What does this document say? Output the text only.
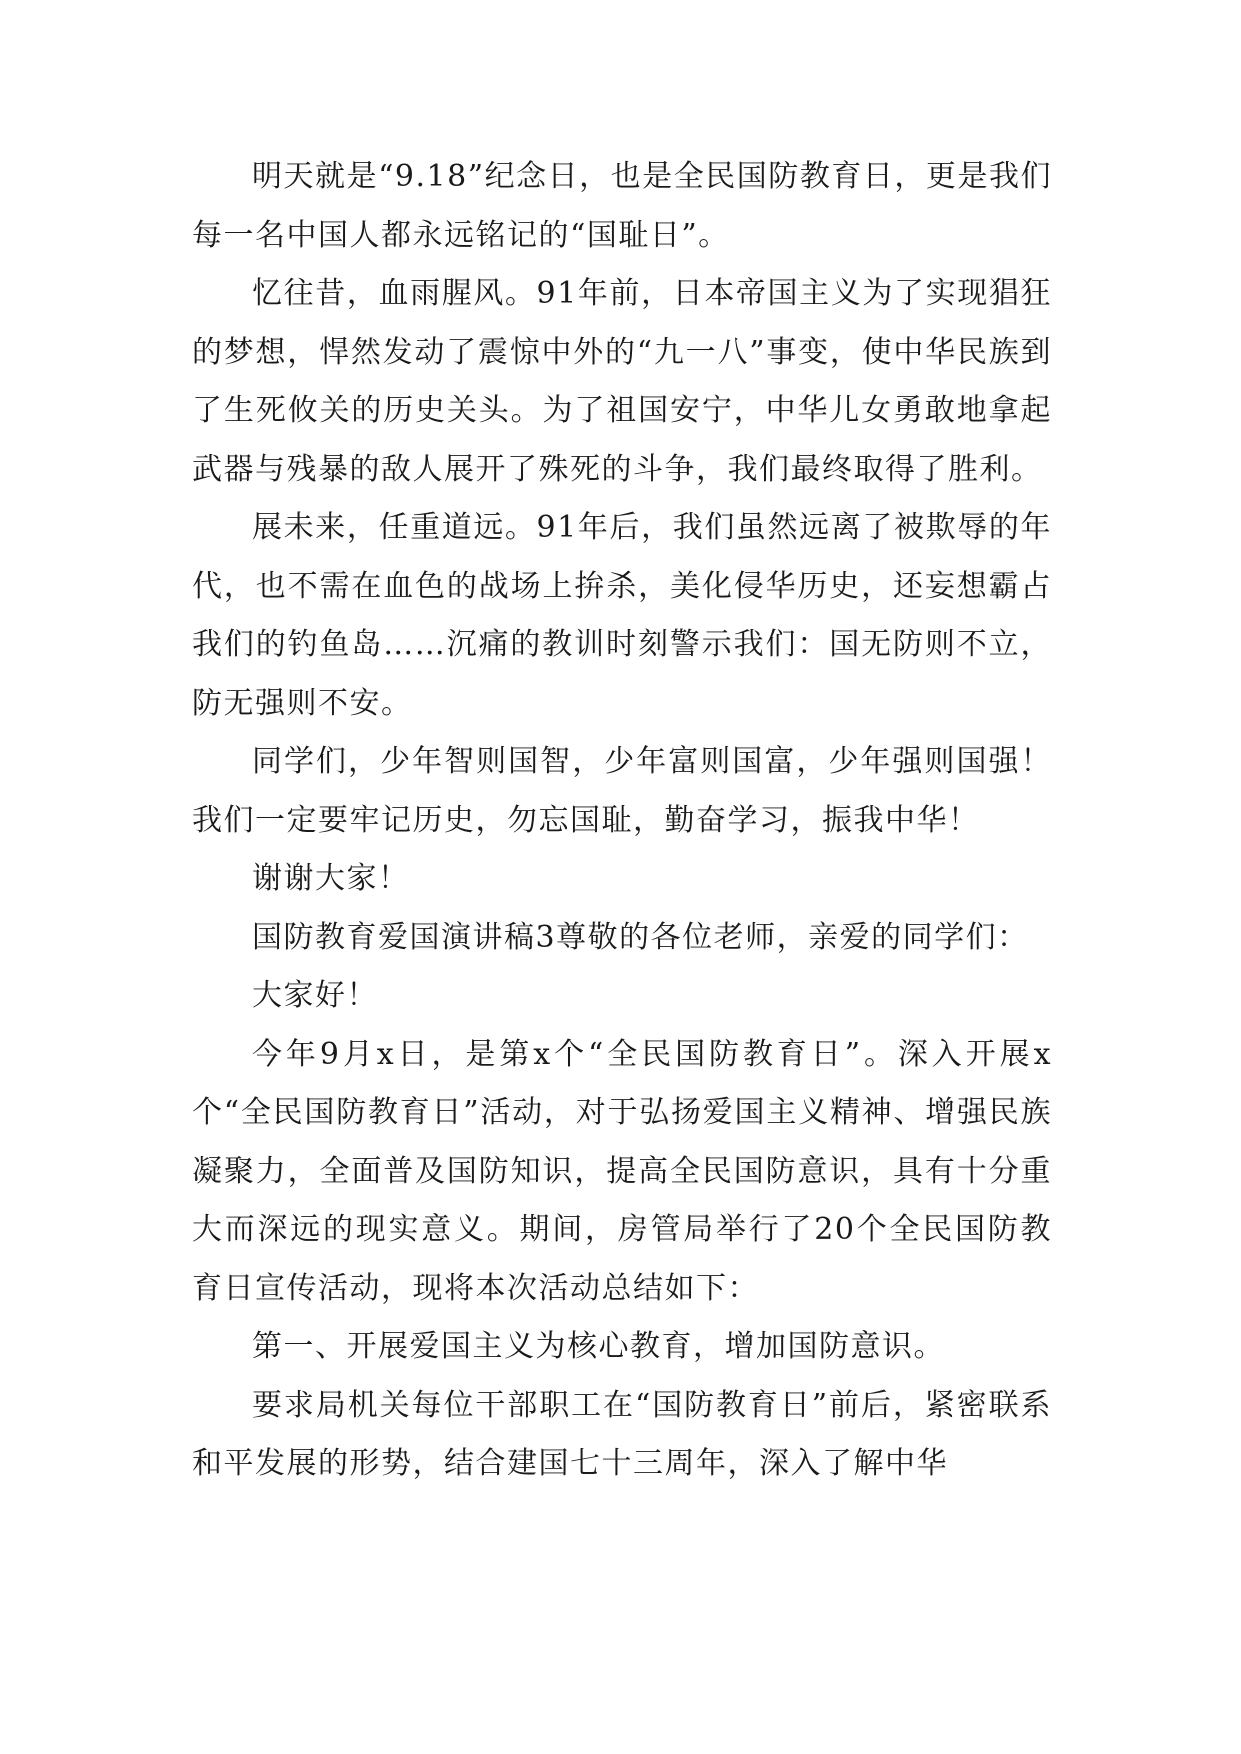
明天就是“9.18”纪念日，也是全民国防教育日，更是我们每一名中国人都永远铭记的“国耻日”。

忆往昔，血雨腥风。91年前，日本帝国主义为了实现猖狂的梦想，悍然发动了震惊中外的“九一八”事变，使中华民族到了生死攸关的历史关头。为了祖国安宁，中华儿女勇敢地拿起武器与残暴的敌人展开了殊死的斗争，我们最终取得了胜利。

展未来，任重道远。91年后，我们虽然远离了被欺辱的年代，也不需在血色的战场上拚杀，美化侵华历史，还妄想霸占我们的钓鱼岛……沉痛的教训时刻警示我们：国无防则不立，防无强则不安。

同学们，少年智则国智，少年富则国富，少年强则国强！我们一定要牢记历史，勿忘国耻，勤奋学习，振我中华！

谢谢大家！

国防教育爱国演讲稿3尊敬的各位老师，亲爱的同学们：

大家好！

今年9月x日，是第x个“全民国防教育日”。深入开展x个“全民国防教育日”活动，对于弘扬爱国主义精神、增强民族凝聚力，全面普及国防知识，提高全民国防意识，具有十分重大而深远的现实意义。期间，房管局举行了20个全民国防教育日宣传活动，现将本次活动总结如下：

第一、开展爱国主义为核心教育，增加国防意识。

要求局机关每位干部职工在“国防教育日”前后，紧密联系和平发展的形势，结合建国七十三周年，深入了解中华
